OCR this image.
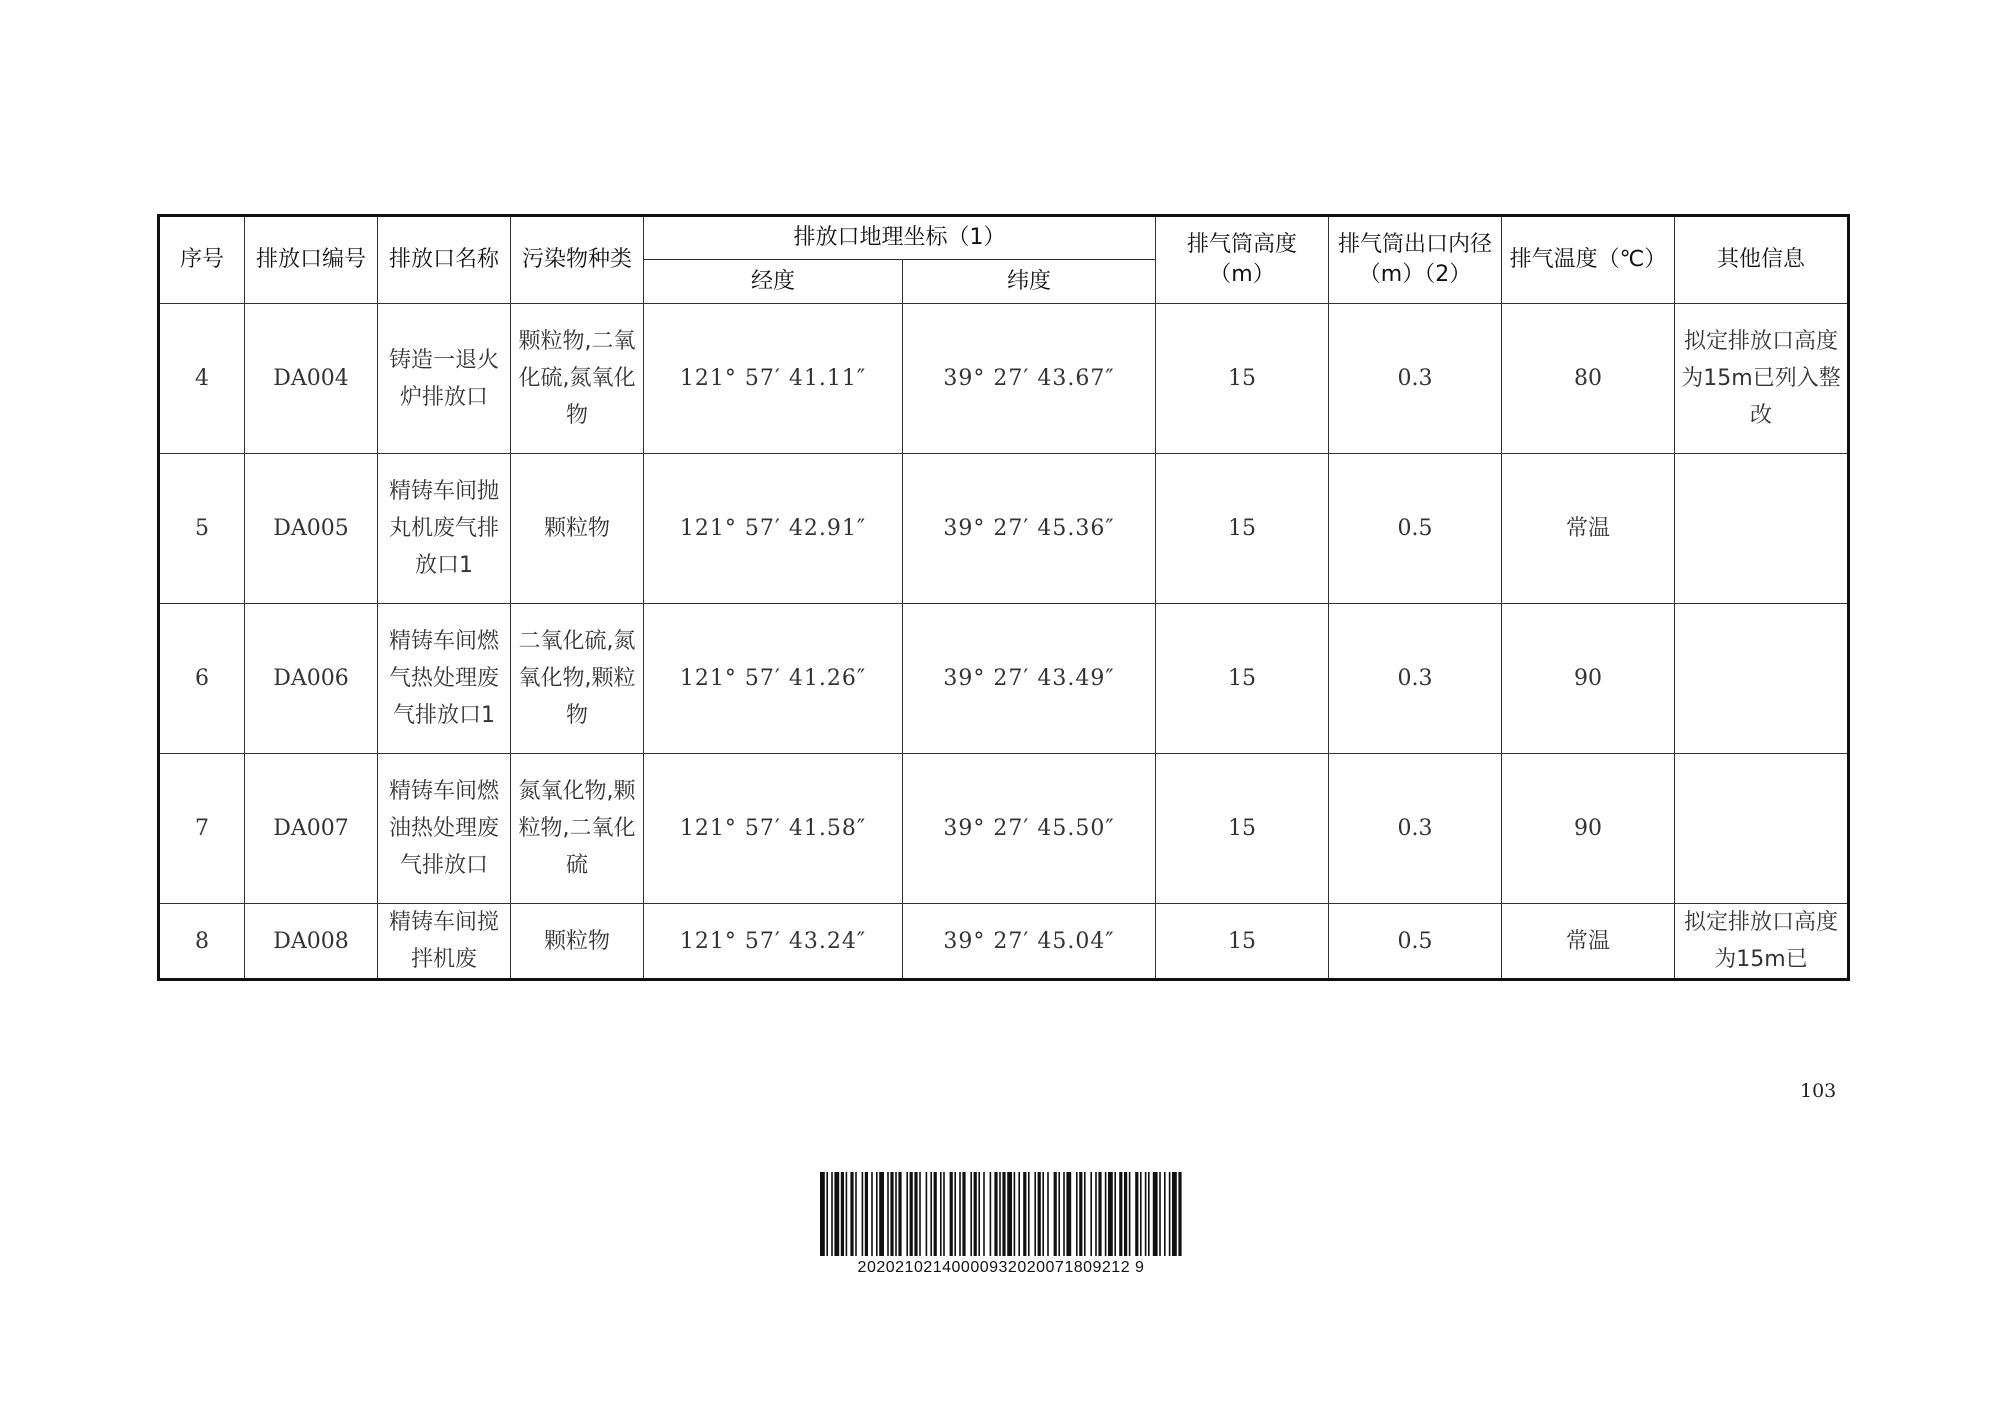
序号	排放口编号	排放口名称	污染物种类	排放口地理坐标（1）		排气筒高度（m）	排气筒出口内径（m）（2）	排气温度（℃）	其他信息
				经度	纬度				
4	DA004	铸造一退火炉排放口	颗粒物,二氧化硫,氮氧化物	121° 57′ 41.11″	39° 27′ 43.67″	15	0.3	80	拟定排放口高度为15m已列入整改
5	DA005	精铸车间抛丸机废气排放口1	颗粒物	121° 57′ 42.91″	39° 27′ 45.36″	15	0.5	常温	
6	DA006	精铸车间燃气热处理废气排放口1	二氧化硫,氮氧化物,颗粒物	121° 57′ 41.26″	39° 27′ 43.49″	15	0.3	90	
7	DA007	精铸车间燃油热处理废气排放口	氮氧化物,颗粒物,二氧化硫	121° 57′ 41.58″	39° 27′ 45.50″	15	0.3	90	
8	DA008	精铸车间搅拌机废	颗粒物	121° 57′ 43.24″	39° 27′ 45.04″	15	0.5	常温	拟定排放口高度为15m已
103
20202102140000932020071809212 9
